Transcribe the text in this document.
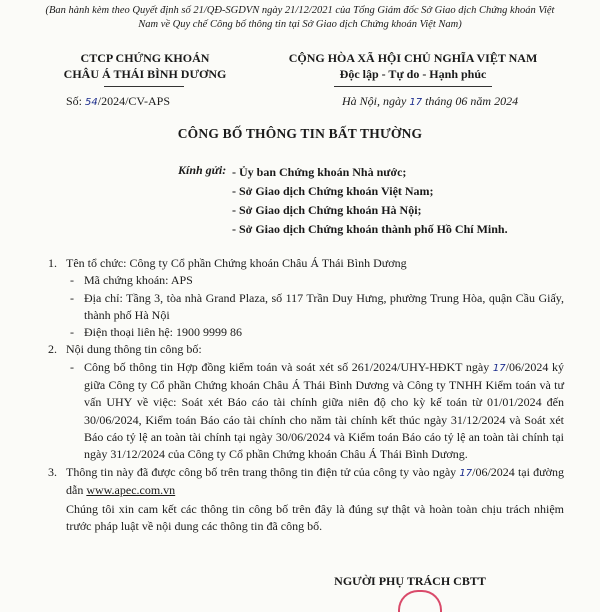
(Ban hành kèm theo Quyết định số 21/QĐ-SGDVN ngày 21/12/2021 của Tổng Giám đốc Sở Giao dịch Chứng khoán Việt Nam về Quy chế Công bố thông tin tại Sở Giao dịch Chứng khoán Việt Nam)
CTCP CHỨNG KHOÁN
CHÂU Á THÁI BÌNH DƯƠNG
CỘNG HÒA XÃ HỘI CHỦ NGHĨA VIỆT NAM
Độc lập - Tự do - Hạnh phúc
Số: 54/2024/CV-APS	Hà Nội, ngày 17 tháng 06 năm 2024
CÔNG BỐ THÔNG TIN BẤT THƯỜNG
Kính gửi: - Ủy ban Chứng khoán Nhà nước;
- Sở Giao dịch Chứng khoán Việt Nam;
- Sở Giao dịch Chứng khoán Hà Nội;
- Sở Giao dịch Chứng khoán thành phố Hồ Chí Minh.
1. Tên tổ chức: Công ty Cổ phần Chứng khoán Châu Á Thái Bình Dương
- Mã chứng khoán: APS
- Địa chỉ: Tầng 3, tòa nhà Grand Plaza, số 117 Trần Duy Hưng, phường Trung Hòa, quận Cầu Giấy, thành phố Hà Nội
- Điện thoại liên hệ: 1900 9999 86
2. Nội dung thông tin công bố:
- Công bố thông tin Hợp đồng kiểm toán và soát xét số 261/2024/UHY-HĐKT ngày 17/06/2024 ký giữa Công ty Cổ phần Chứng khoán Châu Á Thái Bình Dương và Công ty TNHH Kiểm toán và tư vấn UHY về việc: Soát xét Báo cáo tài chính giữa niên độ cho kỳ kế toán từ 01/01/2024 đến 30/06/2024, Kiểm toán Báo cáo tài chính cho năm tài chính kết thúc ngày 31/12/2024 và Soát xét Báo cáo tỷ lệ an toàn tài chính tại ngày 30/06/2024 và Kiểm toán Báo cáo tỷ lệ an toàn tài chính tại ngày 31/12/2024 của Công ty Cổ phần Chứng khoán Châu Á Thái Bình Dương.
3. Thông tin này đã được công bố trên trang thông tin điện tử của công ty vào ngày 17/06/2024 tại đường dẫn www.apec.com.vn
Chúng tôi xin cam kết các thông tin công bố trên đây là đúng sự thật và hoàn toàn chịu trách nhiệm trước pháp luật về nội dung các thông tin đã công bố.
NGƯỜI PHỤ TRÁCH CBTT
